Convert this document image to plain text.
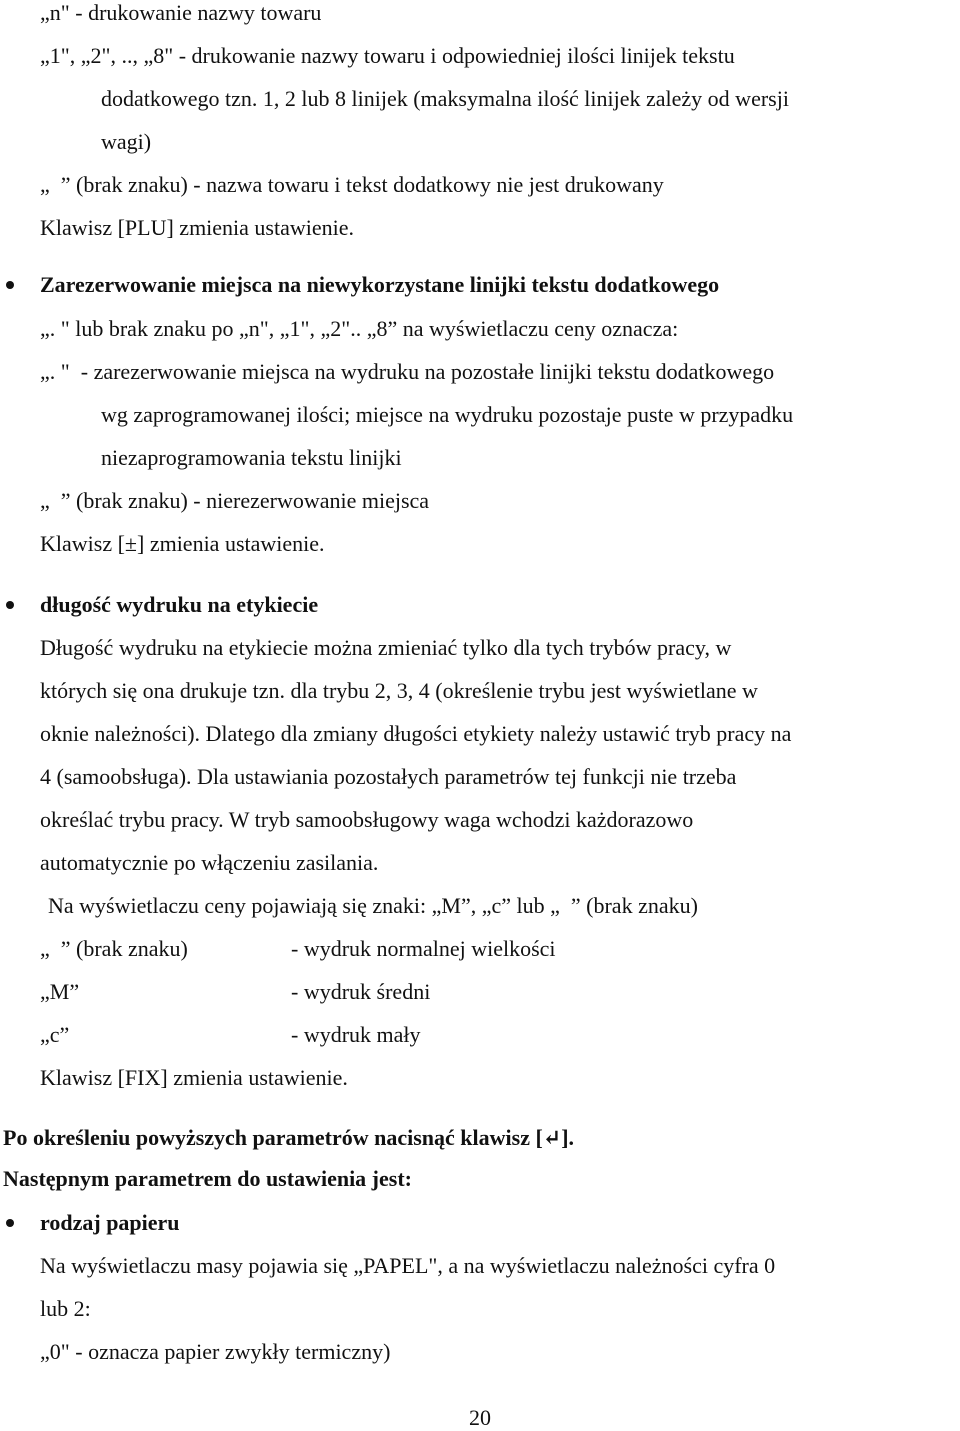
„n" - drukowanie nazwy towaru
„1", „2", .., „8" - drukowanie nazwy towaru i odpowiedniej ilości linijek tekstu
dodatkowego tzn. 1, 2 lub 8 linijek (maksymalna ilość linijek zależy od wersji
wagi)
„  ” (brak znaku) - nazwa towaru i tekst dodatkowy nie jest drukowany
Klawisz [PLU] zmienia ustawienie.
Zarezerwowanie miejsca na niewykorzystane linijki tekstu dodatkowego
„. " lub brak znaku po „n", „1", „2".. „8” na wyświetlaczu ceny oznacza:
„. "  - zarezerwowanie miejsca na wydruku na pozostałe linijki tekstu dodatkowego
wg zaprogramowanej ilości; miejsce na wydruku pozostaje puste w przypadku
niezaprogramowania tekstu linijki
„  ” (brak znaku) - nierezerwowanie miejsca
Klawisz [±] zmienia ustawienie.
długość wydruku na etykiecie
Długość wydruku na etykiecie można zmieniać tylko dla tych trybów pracy, w
których się ona drukuje tzn. dla trybu 2, 3, 4 (określenie trybu jest wyświetlane w
oknie należności). Dlatego dla zmiany długości etykiety należy ustawić tryb pracy na
4 (samoobsługa). Dla ustawiania pozostałych parametrów tej funkcji nie trzeba
określać trybu pracy. W tryb samoobsługowy waga wchodzi każdorazowo
automatycznie po włączeniu zasilania.
Na wyświetlaczu ceny pojawiają się znaki: „M”, „c” lub „  ” (brak znaku)
„  ” (brak znaku)	- wydruk normalnej wielkości
„M”	- wydruk średni
„c”	- wydruk mały
Klawisz [FIX] zmienia ustawienie.
Po określeniu powyższych parametrów nacisnąć klawisz [↵].
Następnym parametrem do ustawienia jest:
rodzaj papieru
Na wyświetlaczu masy pojawia się „PAPEL", a na wyświetlaczu należności cyfra 0
lub 2:
„0" - oznacza papier zwykły termiczny)
20
